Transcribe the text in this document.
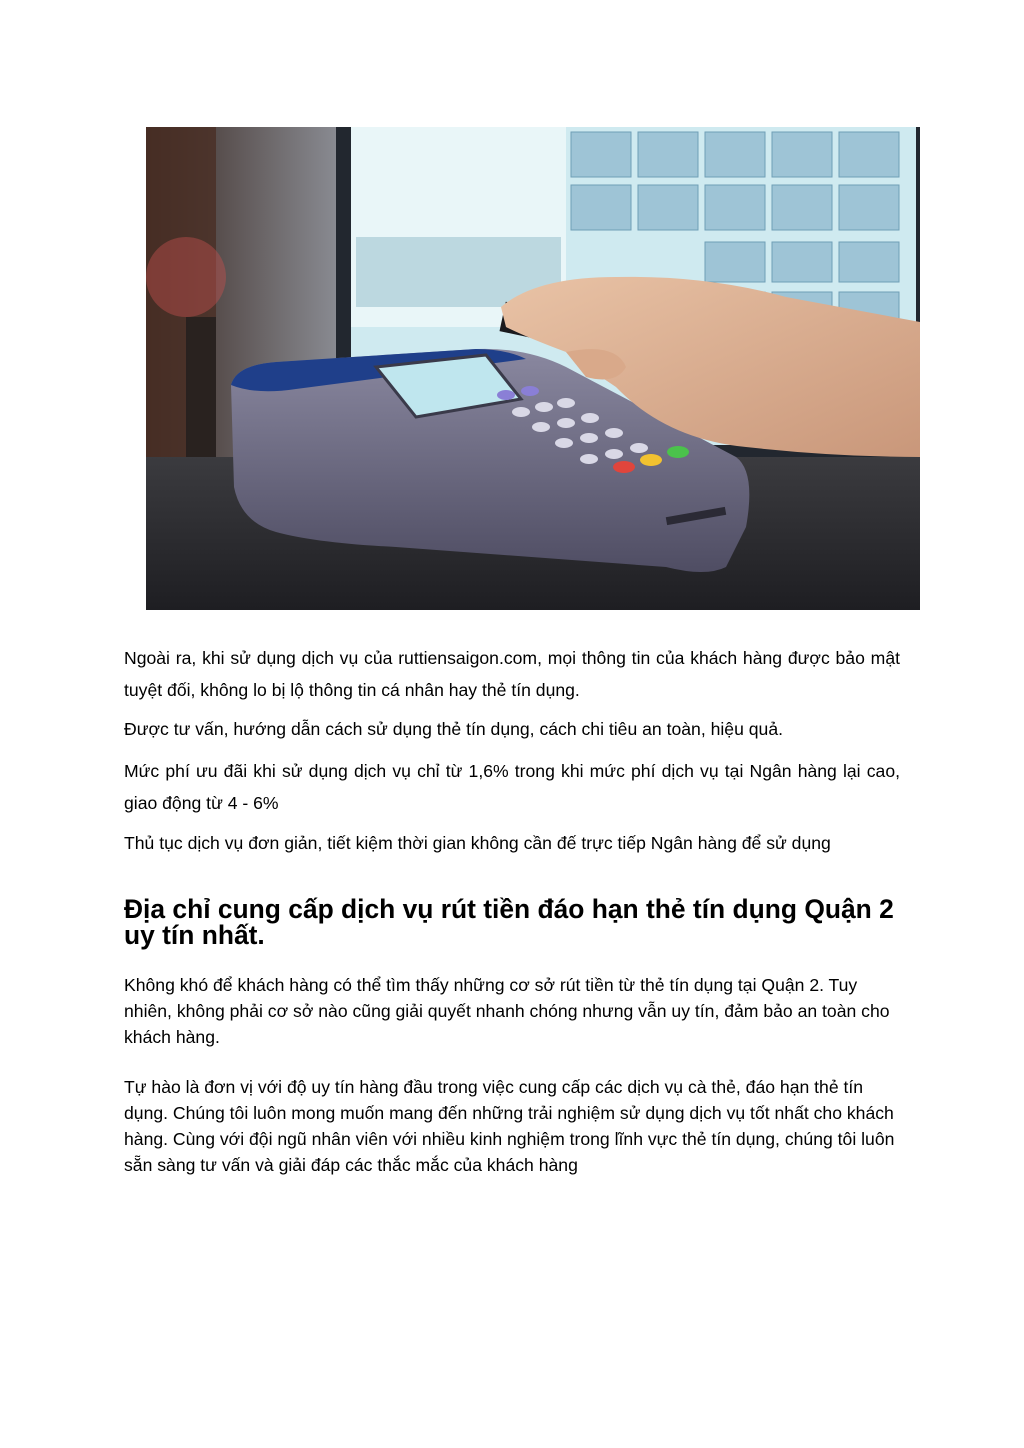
Ngoài ra, khi sử dụng dịch vụ của ruttiensaigon.com, mọi thông tin của khách hàng được bảo mật tuyệt đối, không lo bị lộ thông tin cá nhân hay thẻ tín dụng.

Được tư vấn, hướng dẫn cách sử dụng thẻ tín dụng, cách chi tiêu an toàn, hiệu quả.

Mức phí ưu đãi khi sử dụng dịch vụ chỉ từ 1,6% trong khi mức phí dịch vụ tại Ngân hàng lại cao, giao động từ 4 - 6%

Thủ tục dịch vụ đơn giản, tiết kiệm thời gian không cần đế trực tiếp Ngân hàng để sử dụng

Địa chỉ cung cấp dịch vụ rút tiền đáo hạn thẻ tín dụng Quận 2 uy tín nhất.

Không khó để khách hàng có thể tìm thấy những cơ sở rút tiền từ thẻ tín dụng tại Quận 2. Tuy nhiên, không phải cơ sở nào cũng giải quyết nhanh chóng nhưng vẫn uy tín, đảm bảo an toàn cho khách hàng.

Tự hào là đơn vị với độ uy tín hàng đầu trong việc cung cấp các dịch vụ cà thẻ, đáo hạn thẻ tín dụng. Chúng tôi luôn mong muốn mang đến những trải nghiệm sử dụng dịch vụ tốt nhất cho khách hàng. Cùng với đội ngũ nhân viên với nhiều kinh nghiệm trong lĩnh vực thẻ tín dụng, chúng tôi luôn sẵn sàng tư vấn và giải đáp các thắc mắc của khách hàng
